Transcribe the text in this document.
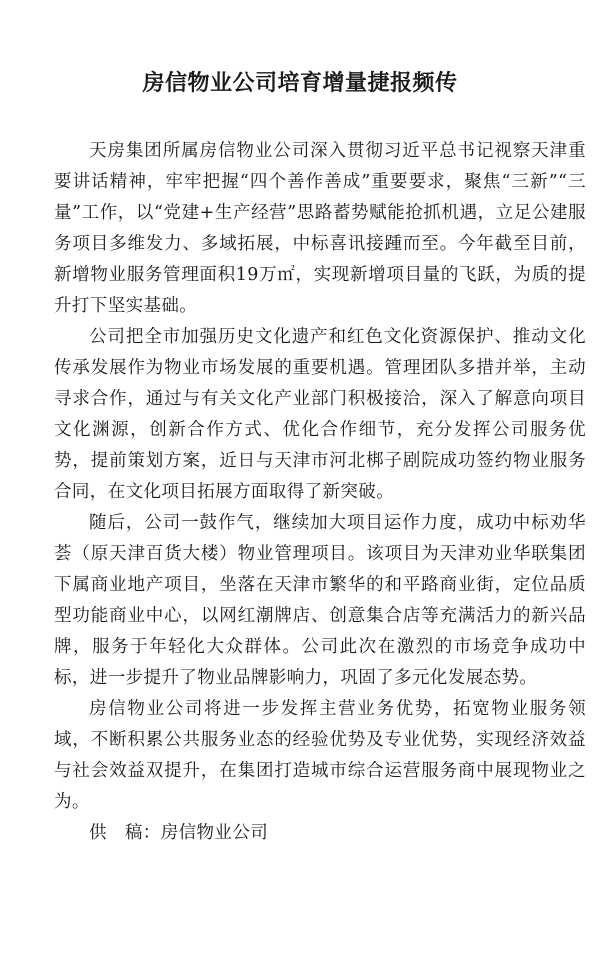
房信物业公司培育增量捷报频传

天房集团所属房信物业公司深入贯彻习近平总书记视察天津重要讲话精神，牢牢把握“四个善作善成”重要要求，聚焦“三新”“三量”工作，以“党建+生产经营”思路蓄势赋能抢抓机遇，立足公建服务项目多维发力、多域拓展，中标喜讯接踵而至。今年截至目前，新增物业服务管理面积19万㎡，实现新增项目量的飞跃，为质的提升打下坚实基础。

公司把全市加强历史文化遗产和红色文化资源保护、推动文化传承发展作为物业市场发展的重要机遇。管理团队多措并举，主动寻求合作，通过与有关文化产业部门积极接洽，深入了解意向项目文化渊源，创新合作方式、优化合作细节，充分发挥公司服务优势，提前策划方案，近日与天津市河北梆子剧院成功签约物业服务合同，在文化项目拓展方面取得了新突破。

随后，公司一鼓作气，继续加大项目运作力度，成功中标劝华荟（原天津百货大楼）物业管理项目。该项目为天津劝业华联集团下属商业地产项目，坐落在天津市繁华的和平路商业街，定位品质型功能商业中心，以网红潮牌店、创意集合店等充满活力的新兴品牌，服务于年轻化大众群体。公司此次在激烈的市场竞争成功中标，进一步提升了物业品牌影响力，巩固了多元化发展态势。

房信物业公司将进一步发挥主营业务优势，拓宽物业服务领域，不断积累公共服务业态的经验优势及专业优势，实现经济效益与社会效益双提升，在集团打造城市综合运营服务商中展现物业之为。

供 稿：房信物业公司
